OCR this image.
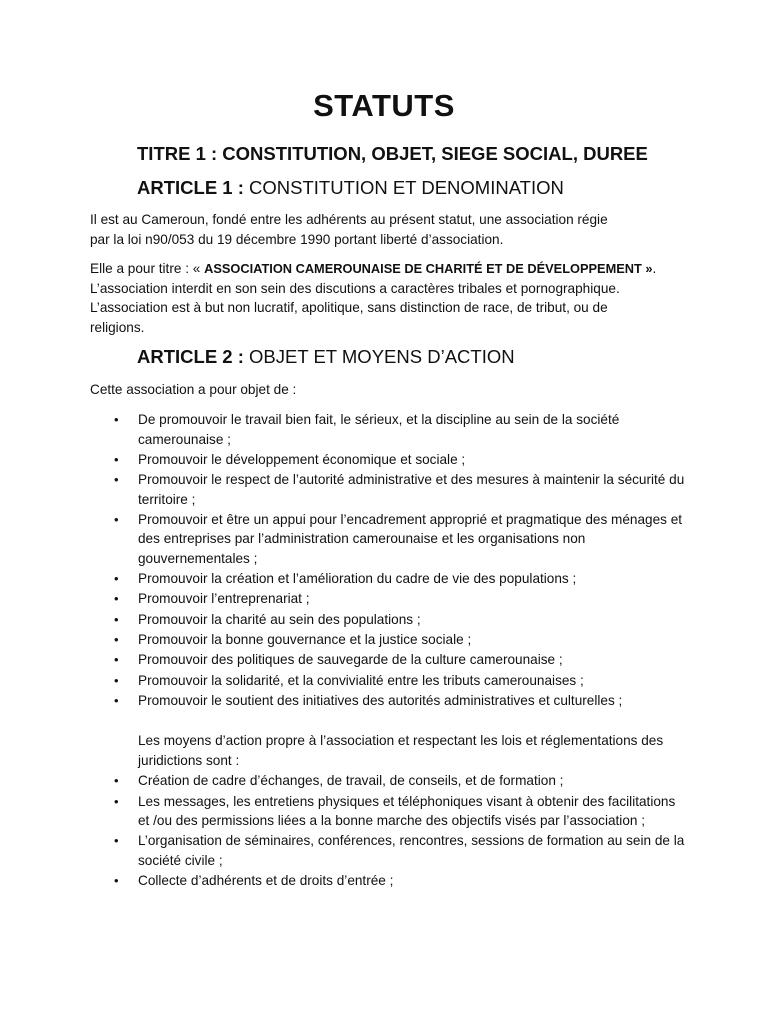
STATUTS
TITRE 1 : CONSTITUTION, OBJET, SIEGE SOCIAL, DUREE
ARTICLE 1 : CONSTITUTION ET DENOMINATION

Il est au Cameroun, fondé entre les adhérents au présent statut, une association régie

par la loi n90/053 du 19 décembre 1990 portant liberté d’association.

Elle a pour titre : « ASSOCIATION CAMEROUNAISE DE CHARITÉ ET DE DÉVELOPPEMENT ».

L’association interdit en son sein des discutions a caractères tribales et pornographique.

L’association est à but non lucratif, apolitique, sans distinction de race, de tribut, ou de

religions.

ARTICLE 2 : OBJET ET MOYENS D’ACTION

Cette association a pour objet de :

• De promouvoir le travail bien fait, le sérieux, et la discipline au sein de la société camerounaise ;
• Promouvoir le développement économique et sociale ;
• Promouvoir le respect de l’autorité administrative et des mesures à maintenir la sécurité du territoire ;
• Promouvoir et être un appui pour l’encadrement approprié et pragmatique des ménages et des entreprises par l’administration camerounaise et les organisations non gouvernementales ;
• Promouvoir la création et l’amélioration du cadre de vie des populations ;
• Promouvoir l’entreprenariat ;
• Promouvoir la charité au sein des populations ;
• Promouvoir la bonne gouvernance et la justice sociale ;
• Promouvoir des politiques de sauvegarde de la culture camerounaise ;
• Promouvoir la solidarité, et la convivialité entre les tributs camerounaises ;
• Promouvoir le soutient des initiatives des autorités administratives et culturelles ;
Les moyens d’action propre à l’association et respectant les lois et réglementations des juridictions sont :
• Création de cadre d’échanges, de travail, de conseils, et de formation ;
• Les messages, les entretiens physiques et téléphoniques visant à obtenir des facilitations et /ou des permissions liées a la bonne marche des objectifs visés par l’association ;
• L’organisation de séminaires, conférences, rencontres, sessions de formation au sein de la société civile ;
• Collecte d’adhérents et de droits d’entrée ;
